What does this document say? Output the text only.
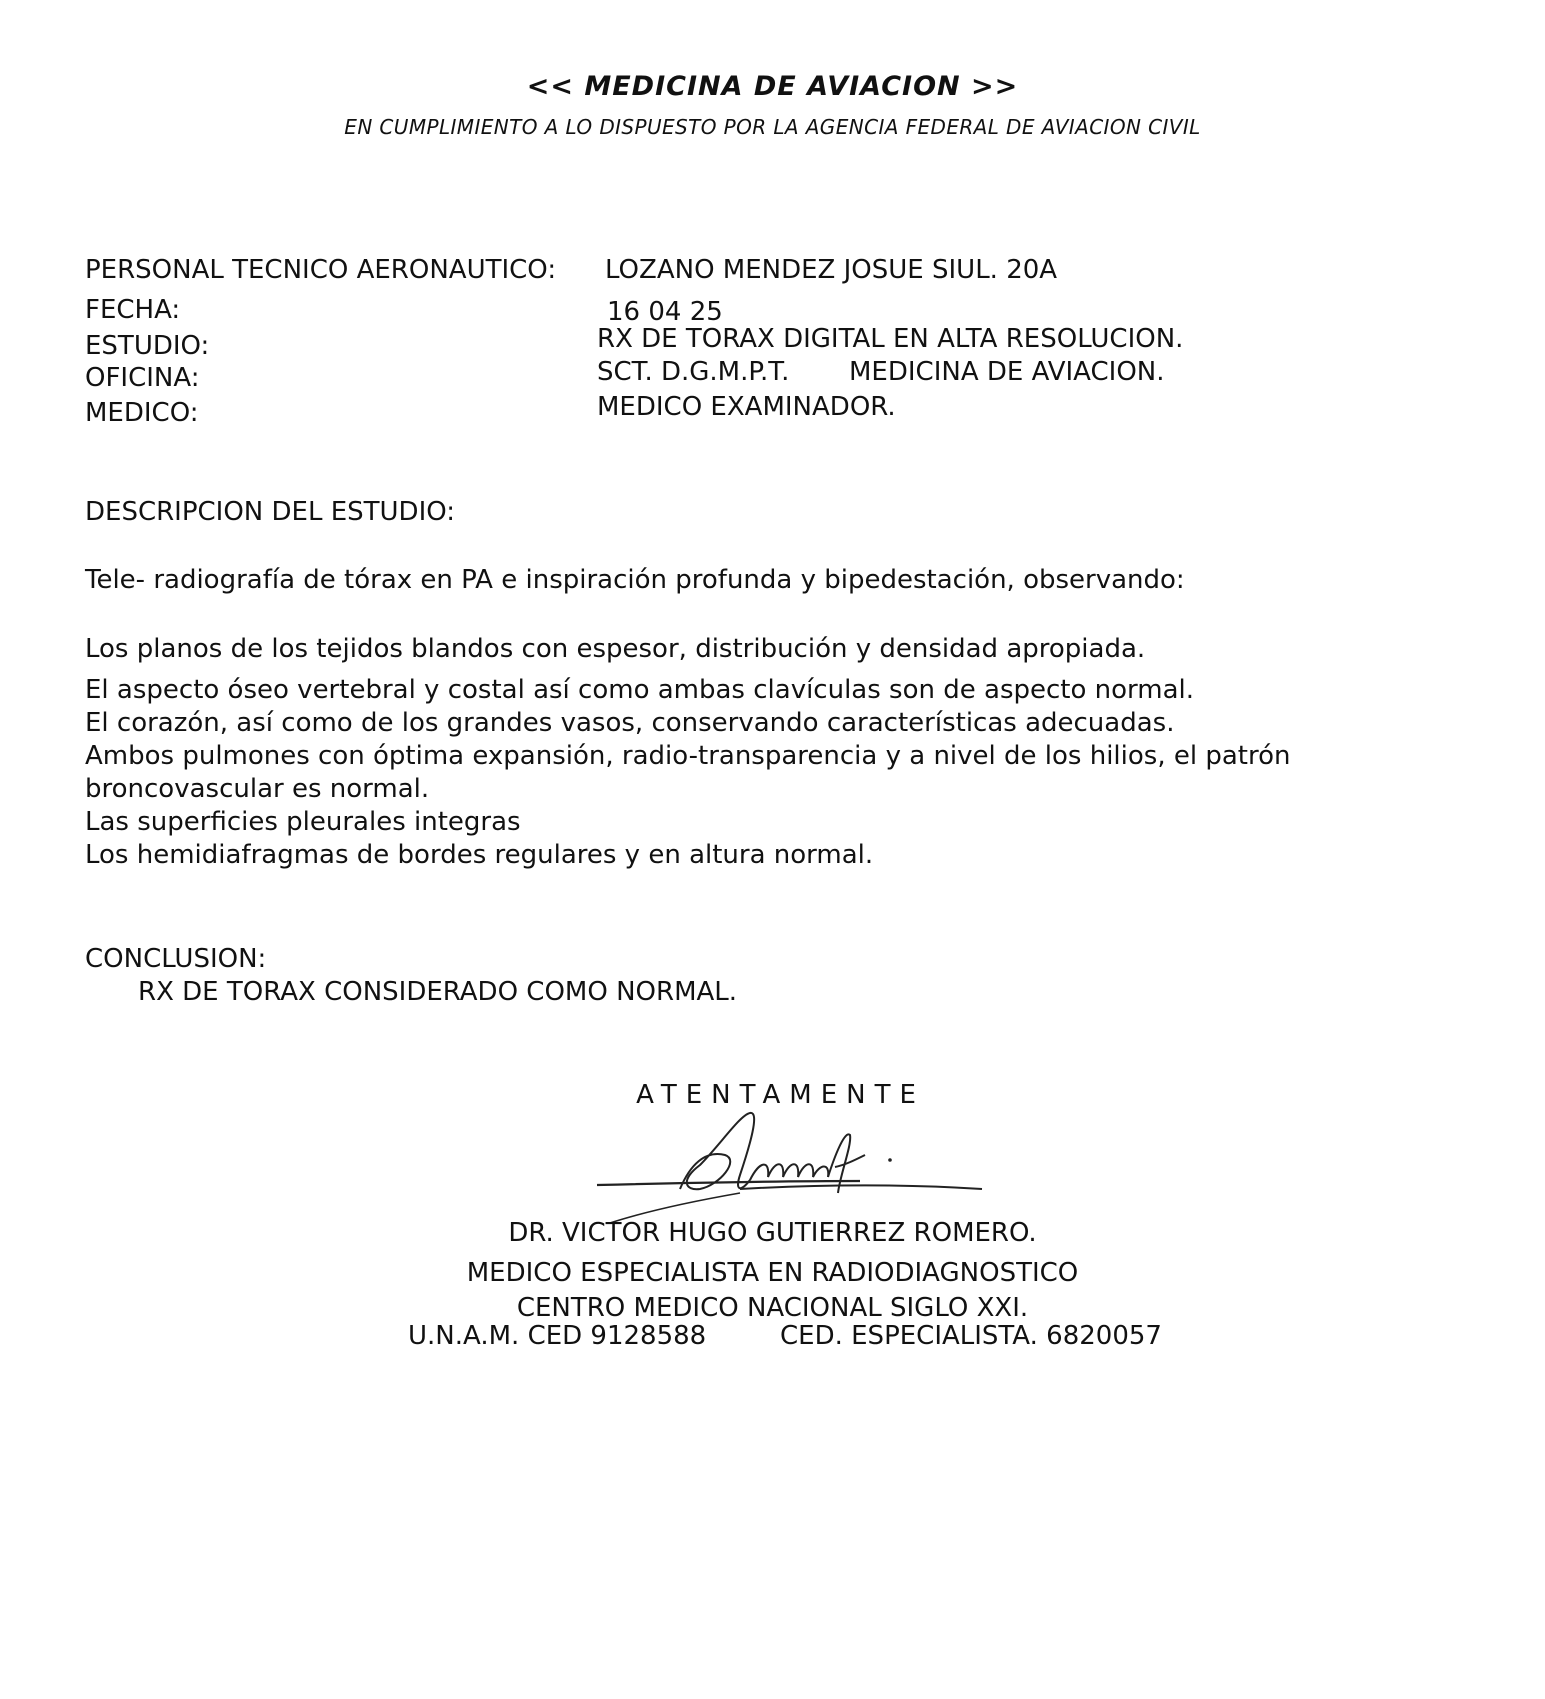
<< MEDICINA DE AVIACION >>
EN CUMPLIMIENTO A LO DISPUESTO POR LA AGENCIA FEDERAL DE AVIACION CIVIL
PERSONAL TECNICO AERONAUTICO: LOZANO MENDEZ JOSUE SIUL. 20A
FECHA:	16 04 25
ESTUDIO:	RX DE TORAX DIGITAL EN ALTA RESOLUCION.
OFICINA:	SCT. D.G.M.P.T. MEDICINA DE AVIACION.
MEDICO:	MEDICO EXAMINADOR.
DESCRIPCION DEL ESTUDIO:
Tele- radiografía de tórax en PA e inspiración profunda y bipedestación, observando:
Los planos de los tejidos blandos con espesor, distribución y densidad apropiada.
El aspecto óseo vertebral y costal así como ambas clavículas son de aspecto normal.
El corazón, así como de los grandes vasos, conservando características adecuadas.
Ambos pulmones con óptima expansión, radio-transparencia y a nivel de los hilios, el patrón
broncovascular es normal.
Las superficies pleurales integras
Los hemidiafragmas de bordes regulares y en altura normal.
CONCLUSION:
RX DE TORAX CONSIDERADO COMO NORMAL.
ATENTAMENTE
DR. VICTOR HUGO GUTIERREZ ROMERO.
MEDICO ESPECIALISTA EN RADIODIAGNOSTICO
CENTRO MEDICO NACIONAL SIGLO XXI.
U.N.A.M. CED 9128588	CED. ESPECIALISTA. 6820057
